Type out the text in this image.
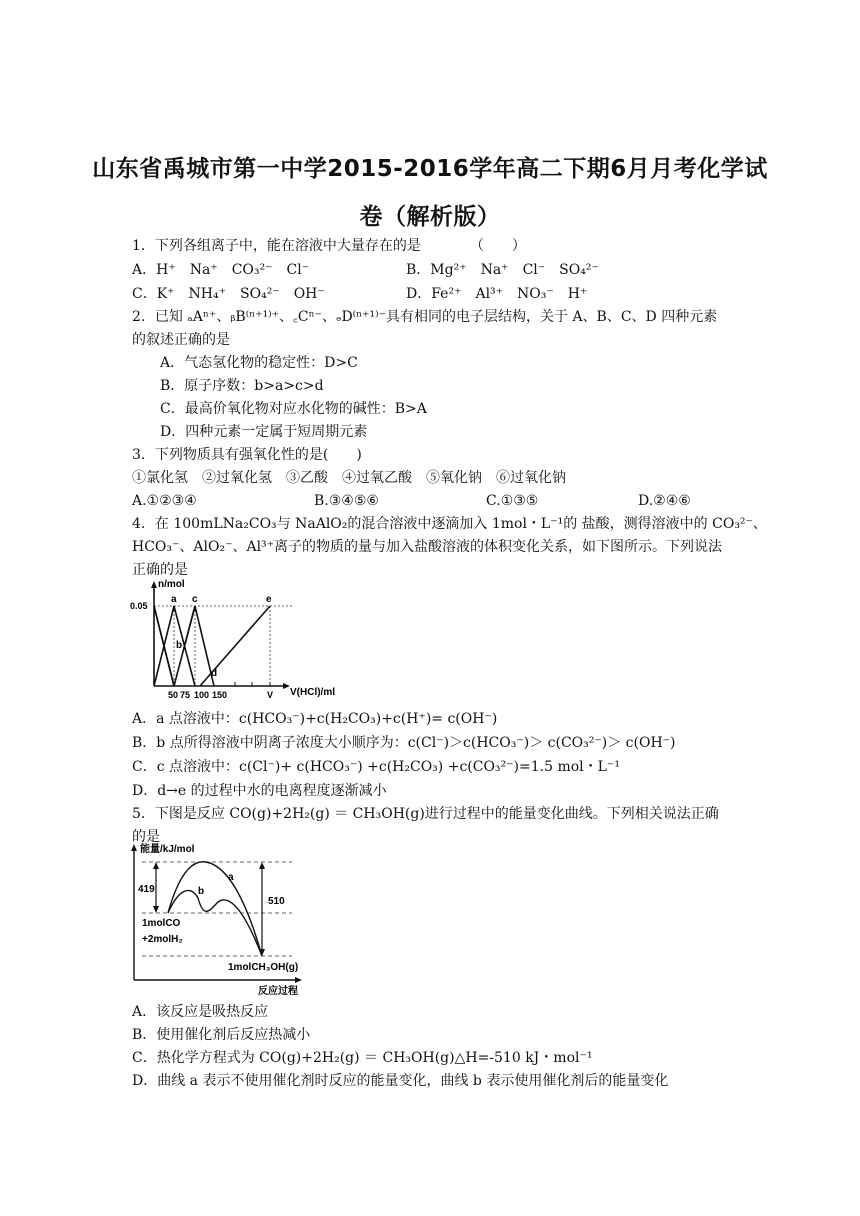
山东省禹城市第一中学2015-2016学年高二下期6月月考化学试
卷（解析版）
1．下列各组离子中，能在溶液中大量存在的是　　　　（　　）
A．H⁺　Na⁺　CO₃²⁻　Cl⁻	B．Mg²⁺　Na⁺　Cl⁻　SO₄²⁻
C．K⁺　NH₄⁺　SO₄²⁻　OH⁻	D．Fe²⁺　Al³⁺　NO₃⁻　H⁺
2．已知 ₐAⁿ⁺、ᵦB⁽ⁿ⁺¹⁾⁺、꜀Cⁿ⁻、ₔD⁽ⁿ⁺¹⁾⁻具有相同的电子层结构，关于 A、B、C、D 四种元素
的叙述正确的是
A．气态氢化物的稳定性：D>C
B．原子序数：b>a>c>d
C．最高价氧化物对应水化物的碱性：B>A
D．四种元素一定属于短周期元素
3．下列物质具有强氧化性的是(　　)
①氯化氢　②过氧化氢　③乙酸　④过氧乙酸　⑤氧化钠　⑥过氧化钠
A.①②③④	B.③④⑤⑥	C.①③⑤	D.②④⑥
4．在 100mLNa₂CO₃与 NaAlO₂的混合溶液中逐滴加入 1mol・L⁻¹的 盐酸，测得溶液中的 CO₃²⁻、
HCO₃⁻、AlO₂⁻、Al³⁺离子的物质的量与加入盐酸溶液的体积变化关系，如下图所示。下列说法
正确的是
n/mol
0.05
a
b
c
d
e
50 75 100 150	V V(HCl)/ml
A．a 点溶液中：c(HCO₃⁻)+c(H₂CO₃)+c(H⁺)= c(OH⁻)
B．b 点所得溶液中阴离子浓度大小顺序为：c(Cl⁻)＞c(HCO₃⁻)＞ c(CO₃²⁻)＞ c(OH⁻)
C．c 点溶液中：c(Cl⁻)+ c(HCO₃⁻) +c(H₂CO₃) +c(CO₃²⁻)=1.5 mol・L⁻¹
D．d→e 的过程中水的电离程度逐渐减小
5．下图是反应 CO(g)+2H₂(g) ＝ CH₃OH(g)进行过程中的能量变化曲线。下列相关说法正确
的是
能量/kJ/mol
419
510
a
b
1molCO
+2molH₂
1molCH₃OH(g)
反应过程
A．该反应是吸热反应
B．使用催化剂后反应热减小
C．热化学方程式为 CO(g)+2H₂(g) ＝ CH₃OH(g)△H=-510 kJ・mol⁻¹
D．曲线 a 表示不使用催化剂时反应的能量变化，曲线 b 表示使用催化剂后的能量变化
